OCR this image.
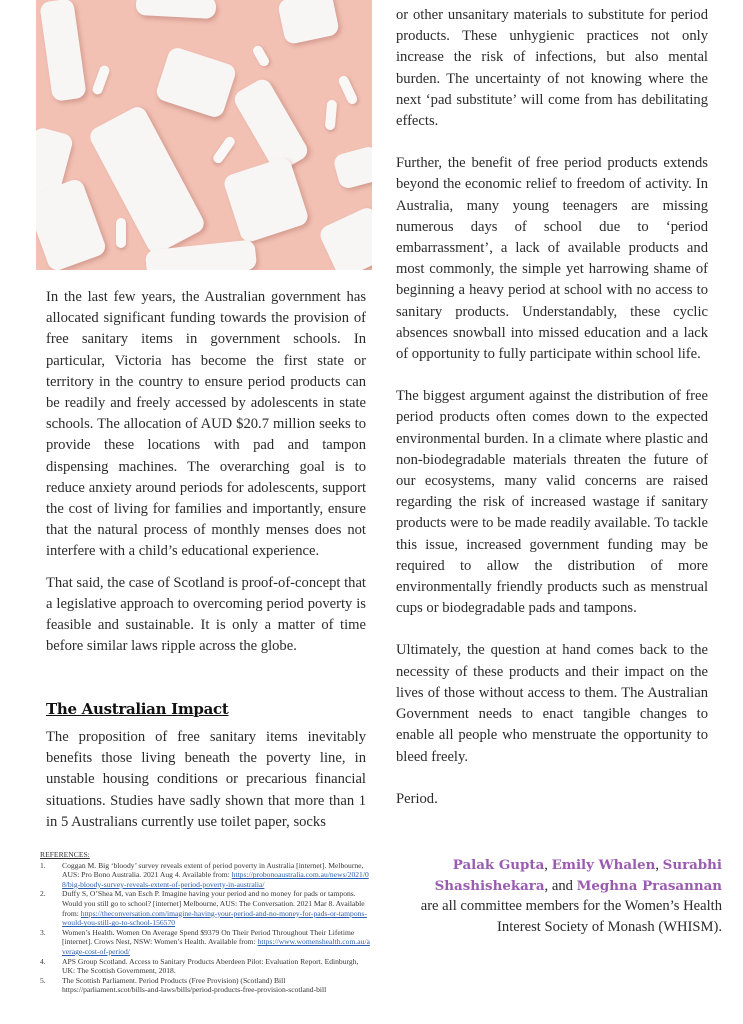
In the last few years, the Australian government has allocated significant funding towards the provision of free sanitary items in government schools. In particular, Victoria has become the first state or territory in the country to ensure period products can be readily and freely accessed by adolescents in state schools. The allocation of AUD $20.7 million seeks to provide these locations with pad and tampon dispensing machines. The overarching goal is to reduce anxiety around periods for adolescents, support the cost of living for families and importantly, ensure that the natural process of monthly menses does not interfere with a child’s educational experience.

That said, the case of Scotland is proof-of-concept that a legislative approach to overcoming period poverty is feasible and sustainable. It is only a matter of time before similar laws ripple across the globe.

The Australian Impact

The proposition of free sanitary items inevitably benefits those living beneath the poverty line, in unstable housing conditions or precarious financial situations. Studies have sadly shown that more than 1 in 5 Australians currently use toilet paper, socks

or other unsanitary materials to substitute for period products. These unhygienic practices not only increase the risk of infections, but also mental burden. The uncertainty of not knowing where the next ‘pad substitute’ will come from has debilitating effects.

Further, the benefit of free period products extends beyond the economic relief to freedom of activity. In Australia, many young teenagers are missing numerous days of school due to ‘period embarrassment’, a lack of available products and most commonly, the simple yet harrowing shame of beginning a heavy period at school with no access to sanitary products. Understandably, these cyclic absences snowball into missed education and a lack of opportunity to fully participate within school life.

The biggest argument against the distribution of free period products often comes down to the expected environmental burden. In a climate where plastic and non-biodegradable materials threaten the future of our ecosystems, many valid concerns are raised regarding the risk of increased wastage if sanitary products were to be made readily available. To tackle this issue, increased government funding may be required to allow the distribution of more environmentally friendly products such as menstrual cups or biodegradable pads and tampons.

Ultimately, the question at hand comes back to the necessity of these products and their impact on the lives of those without access to them. The Australian Government needs to enact tangible changes to enable all people who menstruate the opportunity to bleed freely.

Period.

REFERENCES:
1.	Coggan M. Big ‘bloody’ survey reveals extent of period poverty in Australia [internet]. Melbourne, AUS: Pro Bono Australia. 2021 Aug 4. Available from: https://probonoaustralia.com.au/news/2021/08/big-bloody-survey-reveals-extent-of-period-poverty-in-australia/
2.	Duffy S, O’Shea M, van Esch P. Imagine having your period and no money for pads or tampons. Would you still go to school? [internet] Melbourne, AUS: The Conversation. 2021 Mar 8. Available from: https://theconversation.com/imagine-having-your-period-and-no-money-for-pads-or-tampons-would-you-still-go-to-school-156570
3.	Women’s Health. Women On Average Spend $9379 On Their Period Throughout Their Lifetime [internet]. Crows Nest, NSW: Women’s Health. Available from: https://www.womenshealth.com.au/average-cost-of-period/
4.	APS Group Scotland. Access to Sanitary Products Aberdeen Pilot: Evaluation Report. Edinburgh, UK: The Scottish Government, 2018.
5.	The Scottish Parliament. Period Products (Free Provision) (Scotland) Bill https://parliament.scot/bills-and-laws/bills/period-products-free-provision-scotland-bill
Palak Gupta, Emily Whalen, Surabhi Shashishekara, and Meghna Prasannan
are all committee members for the Women’s Health Interest Society of Monash (WHISM).
